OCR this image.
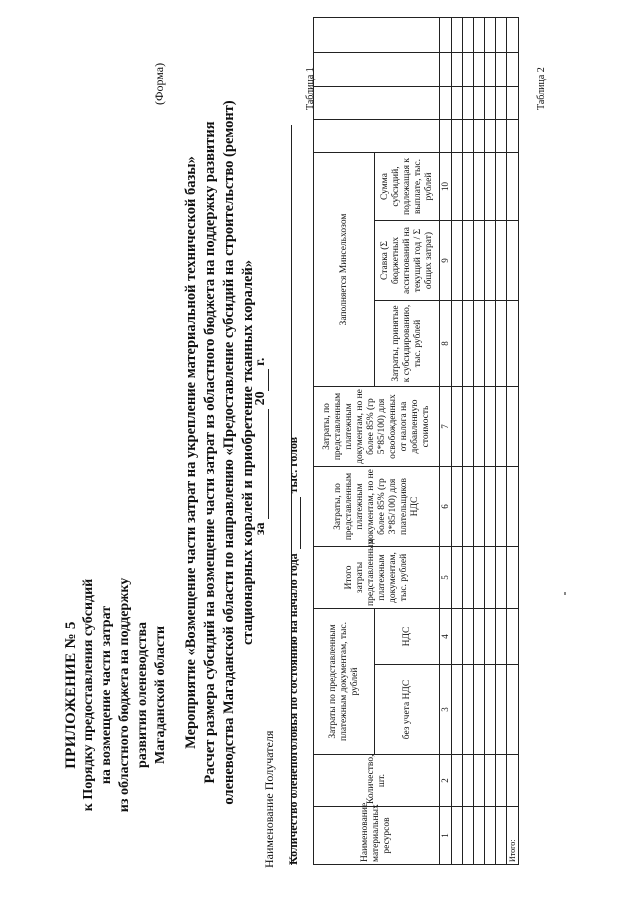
ПРИЛОЖЕНИЕ № 5 к Порядку предоставления субсидий на возмещение части затрат из областного бюджета на поддержку развития оленеводства Магаданской области
(Форма)
Мероприятие «Возмещение части затрат на укрепление материальной технической базы» Расчет размера субсидий на возмещение части затрат из областного бюджета на поддержку развития оленеводства Магаданской области по направлению «Предоставление субсидий на строительство (ремонт) стационарных коралей и приобретение тканных коралей»
за  20 г.
Наименование Получателя
Таблица 1
Количество оленепоголовья по состоянию на начало годатыс. голов
Наименование материальных ресурсов	Количество, шт.	Затраты по представленным платежным документам, тыс. рублей		Итого затраты представленным платежным документам, тыс. рублей	Затраты, по представленным платежным документам, но не более 85% (гр 3*85/100) для плательщиков НДС	Затраты, по представленным платежным документам, но не более 85% (гр 5*85/100) для освобожденных от налога на добавленную стоимость	Заполняется Минсельхозом						
		без учета НДС	НДС				Затраты, принятые к субсидированию, тыс. рублей	Ставка (Σ бюджетных ассигнований на текущий год / Σ общих затрат)	Сумма субсидий, подлежащая к выплате, тыс. рублей				
1	2	3	4	5	6	7	8	9	10				

Итого:													
Таблица 2
